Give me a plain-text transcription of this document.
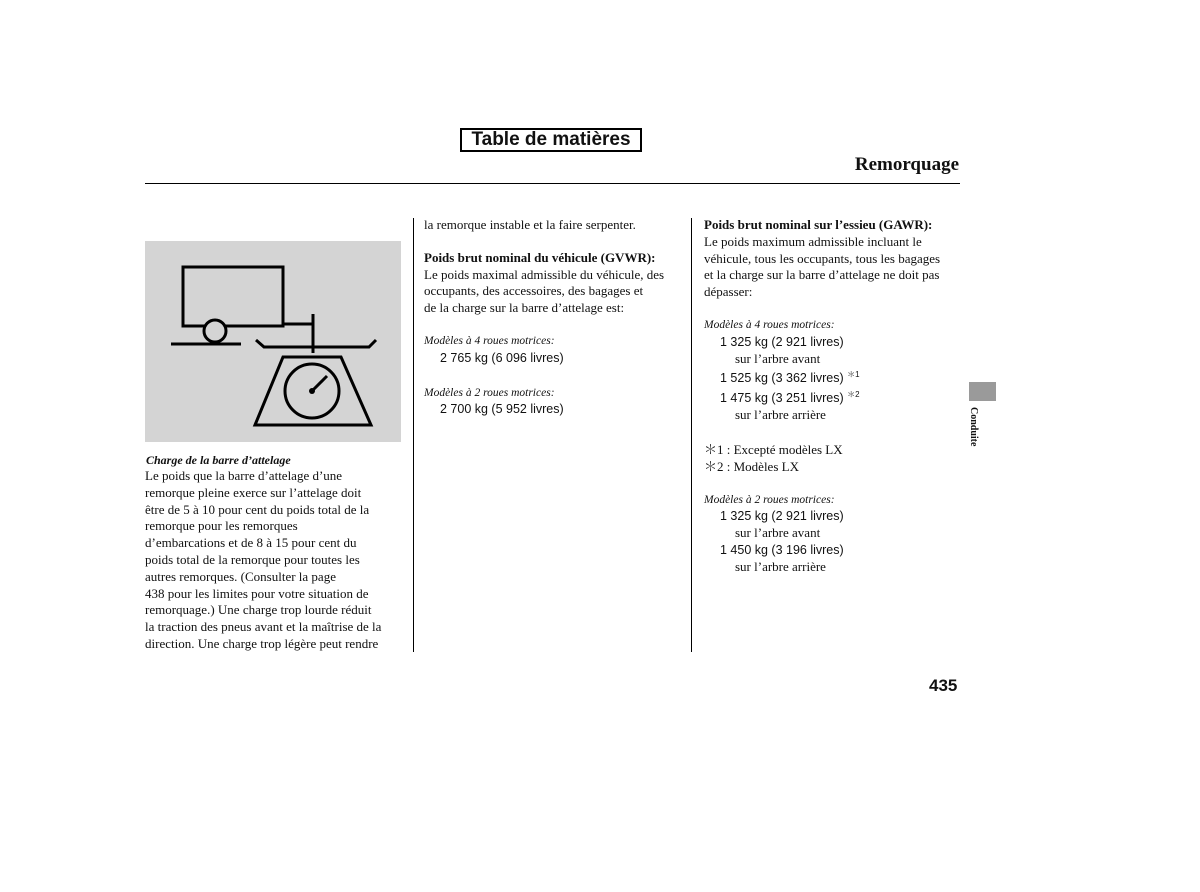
Table de matières
Remorquage
Charge de la barre d’attelage

Le poids que la barre d’attelage d’une

remorque pleine exerce sur l’attelage doit

être de 5 à 10 pour cent du poids total de la

remorque pour les remorques

d’embarcations et de 8 à 15 pour cent du

poids total de la remorque pour toutes les

autres remorques. (Consulter la page

438 pour les limites pour votre situation de

remorquage.) Une charge trop lourde réduit

la traction des pneus avant et la maîtrise de la

direction. Une charge trop légère peut rendre

la remorque instable et la faire serpenter.

Poids brut nominal du véhicule (GVWR):

Le poids maximal admissible du véhicule, des

occupants, des accessoires, des bagages et

de la charge sur la barre d’attelage est:

Modèles à 4 roues motrices:

2 765 kg (6 096 livres)

Modèles à 2 roues motrices:

2 700 kg (5 952 livres)

Poids brut nominal sur l’essieu (GAWR):

Le poids maximum admissible incluant le

véhicule, tous les occupants, tous les bagages

et la charge sur la barre d’attelage ne doit pas

dépasser:

Modèles à 4 roues motrices:

1 325 kg (2 921 livres)

sur l’arbre avant

1 525 kg (3 362 livres) $^{*1}$

1 475 kg (3 251 livres) $^{*2}$

sur l’arbre arrière

＊1 : Excepté modèles LX

＊2 : Modèles LX

Modèles à 2 roues motrices:

1 325 kg (2 921 livres)

sur l’arbre avant

1 450 kg (3 196 livres)

sur l’arbre arrière

Conduite
435
